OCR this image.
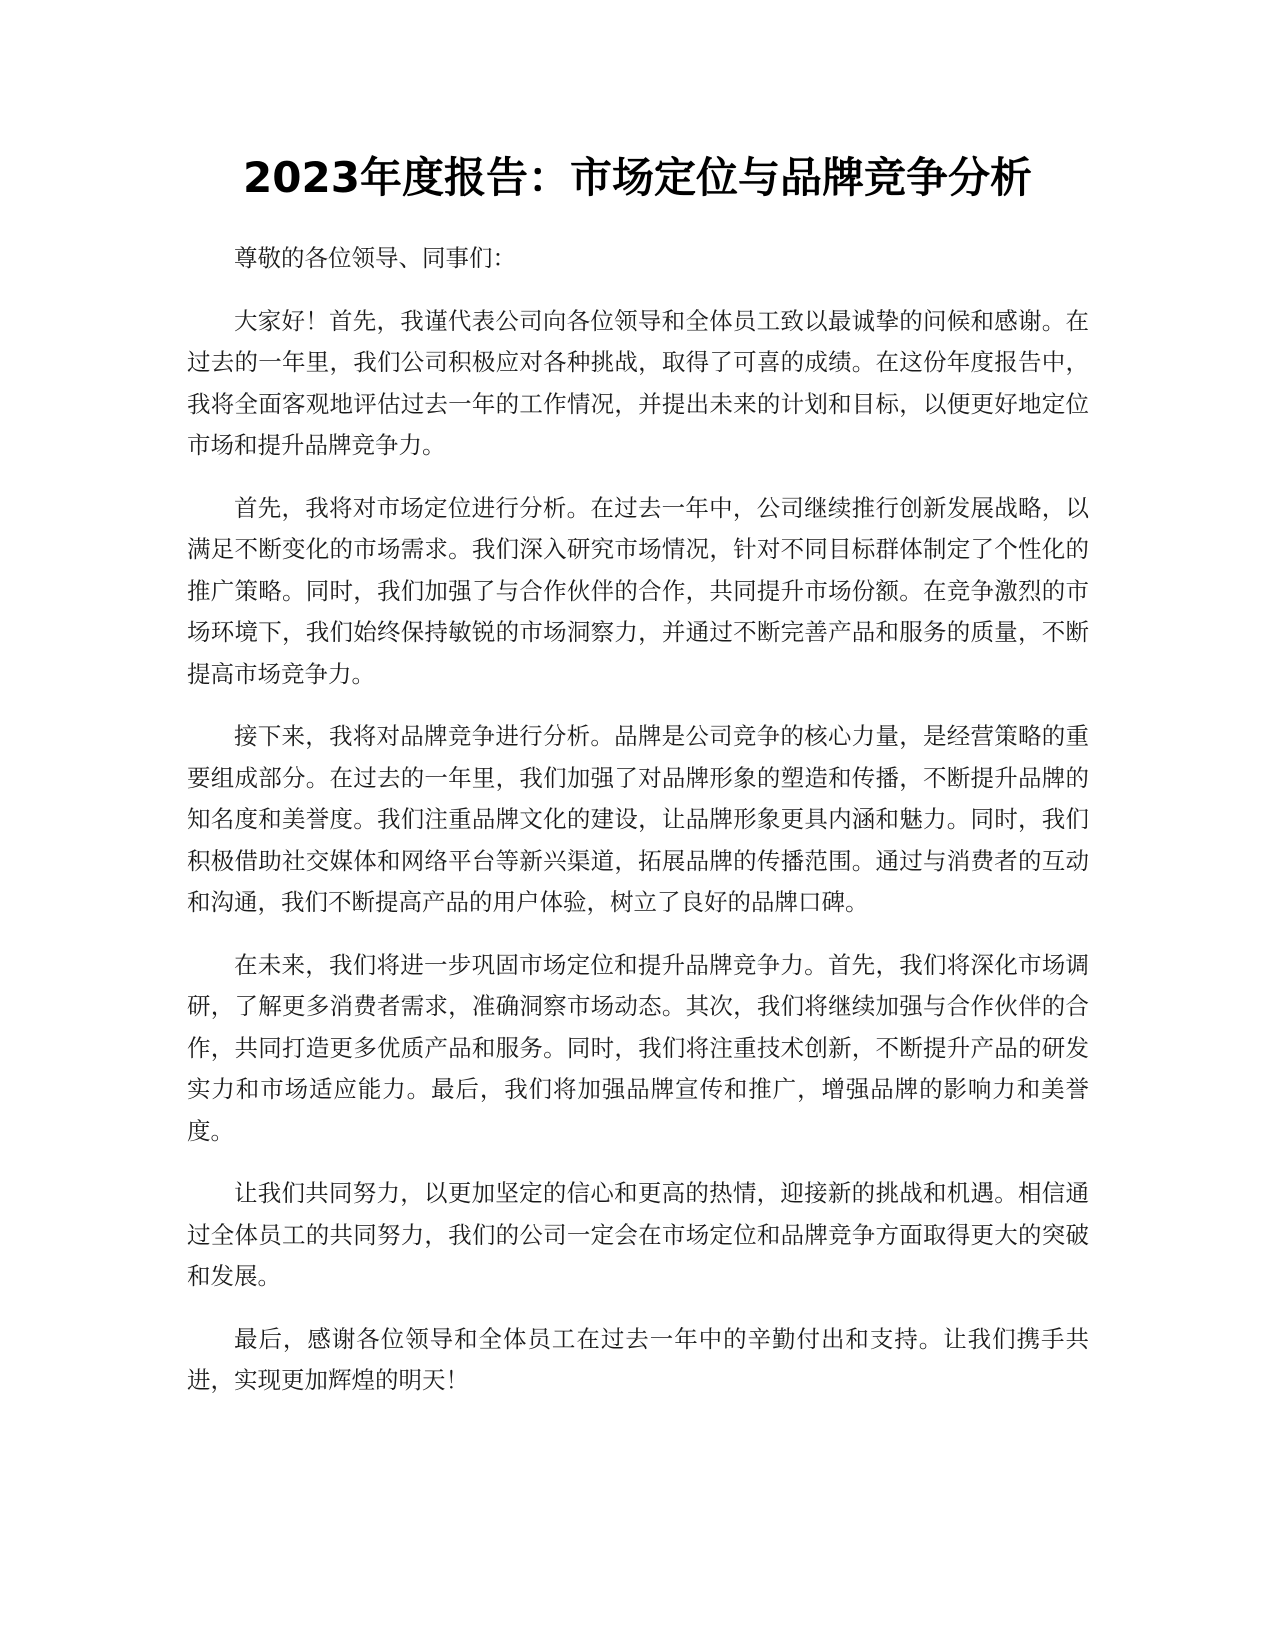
2023年度报告：市场定位与品牌竞争分析

尊敬的各位领导、同事们：

大家好！首先，我谨代表公司向各位领导和全体员工致以最诚挚的问候和感谢。在过去的一年里，我们公司积极应对各种挑战，取得了可喜的成绩。在这份年度报告中，我将全面客观地评估过去一年的工作情况，并提出未来的计划和目标，以便更好地定位市场和提升品牌竞争力。

首先，我将对市场定位进行分析。在过去一年中，公司继续推行创新发展战略，以满足不断变化的市场需求。我们深入研究市场情况，针对不同目标群体制定了个性化的推广策略。同时，我们加强了与合作伙伴的合作，共同提升市场份额。在竞争激烈的市场环境下，我们始终保持敏锐的市场洞察力，并通过不断完善产品和服务的质量，不断提高市场竞争力。

接下来，我将对品牌竞争进行分析。品牌是公司竞争的核心力量，是经营策略的重要组成部分。在过去的一年里，我们加强了对品牌形象的塑造和传播，不断提升品牌的知名度和美誉度。我们注重品牌文化的建设，让品牌形象更具内涵和魅力。同时，我们积极借助社交媒体和网络平台等新兴渠道，拓展品牌的传播范围。通过与消费者的互动和沟通，我们不断提高产品的用户体验，树立了良好的品牌口碑。

在未来，我们将进一步巩固市场定位和提升品牌竞争力。首先，我们将深化市场调研，了解更多消费者需求，准确洞察市场动态。其次，我们将继续加强与合作伙伴的合作，共同打造更多优质产品和服务。同时，我们将注重技术创新，不断提升产品的研发实力和市场适应能力。最后，我们将加强品牌宣传和推广，增强品牌的影响力和美誉度。

让我们共同努力，以更加坚定的信心和更高的热情，迎接新的挑战和机遇。相信通过全体员工的共同努力，我们的公司一定会在市场定位和品牌竞争方面取得更大的突破和发展。

最后，感谢各位领导和全体员工在过去一年中的辛勤付出和支持。让我们携手共进，实现更加辉煌的明天！
